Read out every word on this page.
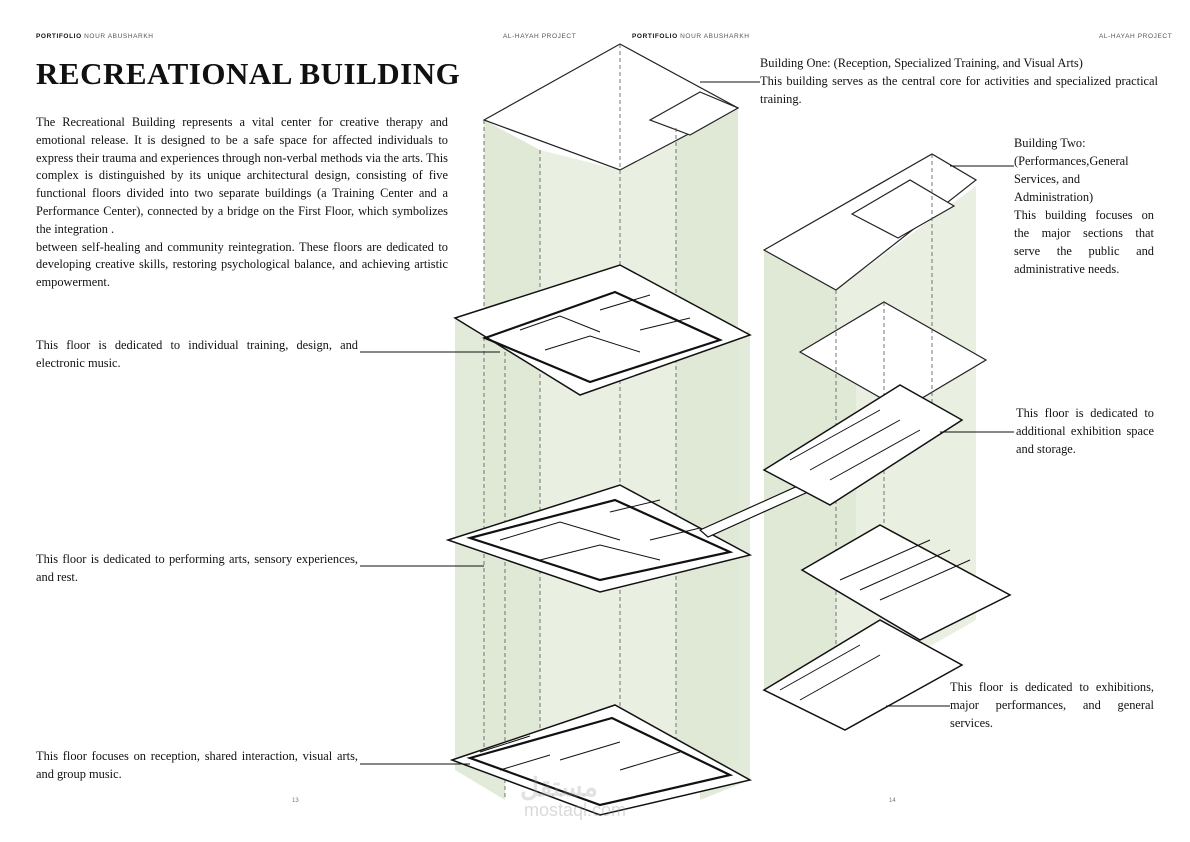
PORTIFOLIO NOUR ABUSHARKH	AL-HAYAH PROJECT	PORTIFOLIO NOUR ABUSHARKH	AL-HAYAH PROJECT
RECREATIONAL BUILDING

The Recreational Building represents a vital center for creative therapy and emotional release. It is designed to be a safe space for affected individuals to express their trauma and experiences through non-verbal methods via the arts. This complex is distinguished by its unique architectural design, consisting of five functional floors divided into two separate buildings (a Training Center and a Performance Center), connected by a bridge on the First Floor, which symbolizes the integration .

between self-healing and community reintegration. These floors are dedicated to developing creative skills, restoring psychological balance, and achieving artistic empowerment.

This floor is dedicated to individual training, design, and electronic music.
This floor is dedicated to performing arts, sensory experiences, and rest.
This floor focuses on reception, shared interaction, visual arts, and group music.
Building One: (Reception, Specialized Training, and Visual Arts)
This building serves as the central core for activities and specialized practical training.
Building Two: (Performances,General Services, and Administration)
This building focuses on the major sections that serve the public and administrative needs.
This floor is dedicated to additional exhibition space and storage.
This floor is dedicated to exhibitions, major performances, and general services.
13	14
مستقل
mostaql.com
